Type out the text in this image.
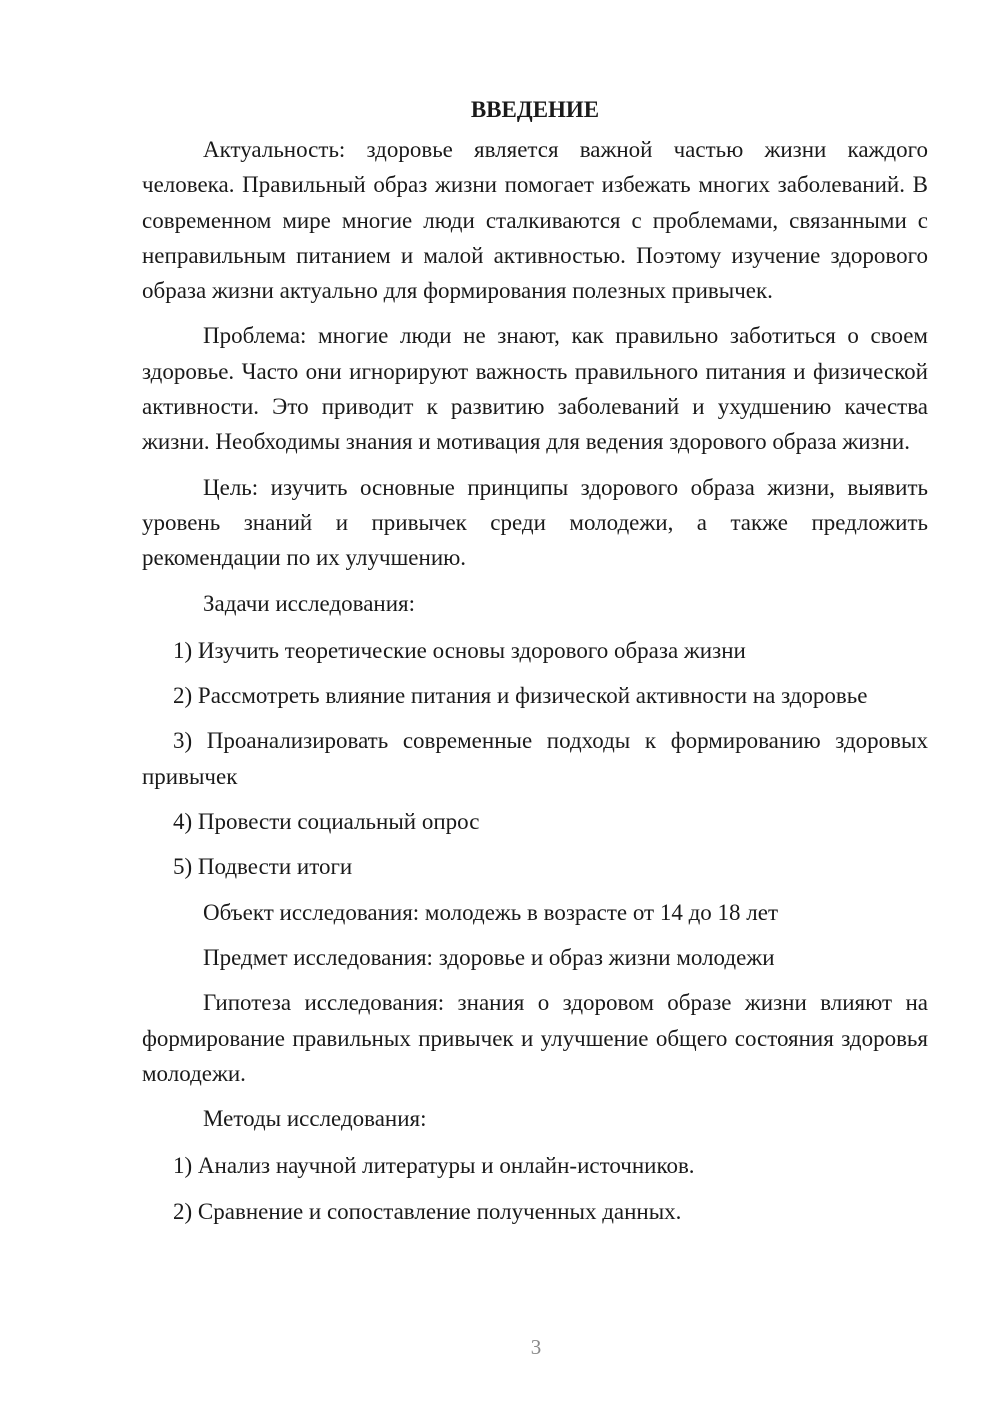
ВВЕДЕНИЕ

Актуальность: здоровье является важной частью жизни каждого человека. Правильный образ жизни помогает избежать многих заболеваний. В современном мире многие люди сталкиваются с проблемами, связанными с неправильным питанием и малой активностью. Поэтому изучение здорового образа жизни актуально для формирования полезных привычек.

Проблема: многие люди не знают, как правильно заботиться о своем здоровье. Часто они игнорируют важность правильного питания и физической активности. Это приводит к развитию заболеваний и ухудшению качества жизни. Необходимы знания и мотивация для ведения здорового образа жизни.

Цель: изучить основные принципы здорового образа жизни, выявить уровень знаний и привычек среди молодежи, а также предложить рекомендации по их улучшению.

Задачи исследования:

1) Изучить теоретические основы здорового образа жизни

2) Рассмотреть влияние питания и физической активности на здоровье

3) Проанализировать современные подходы к формированию здоровых привычек

4) Провести социальный опрос

5) Подвести итоги

Объект исследования: молодежь в возрасте от 14 до 18 лет

Предмет исследования: здоровье и образ жизни молодежи

Гипотеза исследования: знания о здоровом образе жизни влияют на формирование правильных привычек и улучшение общего состояния здоровья молодежи.

Методы исследования:

1) Анализ научной литературы и онлайн-источников.

2) Сравнение и сопоставление полученных данных.

3
